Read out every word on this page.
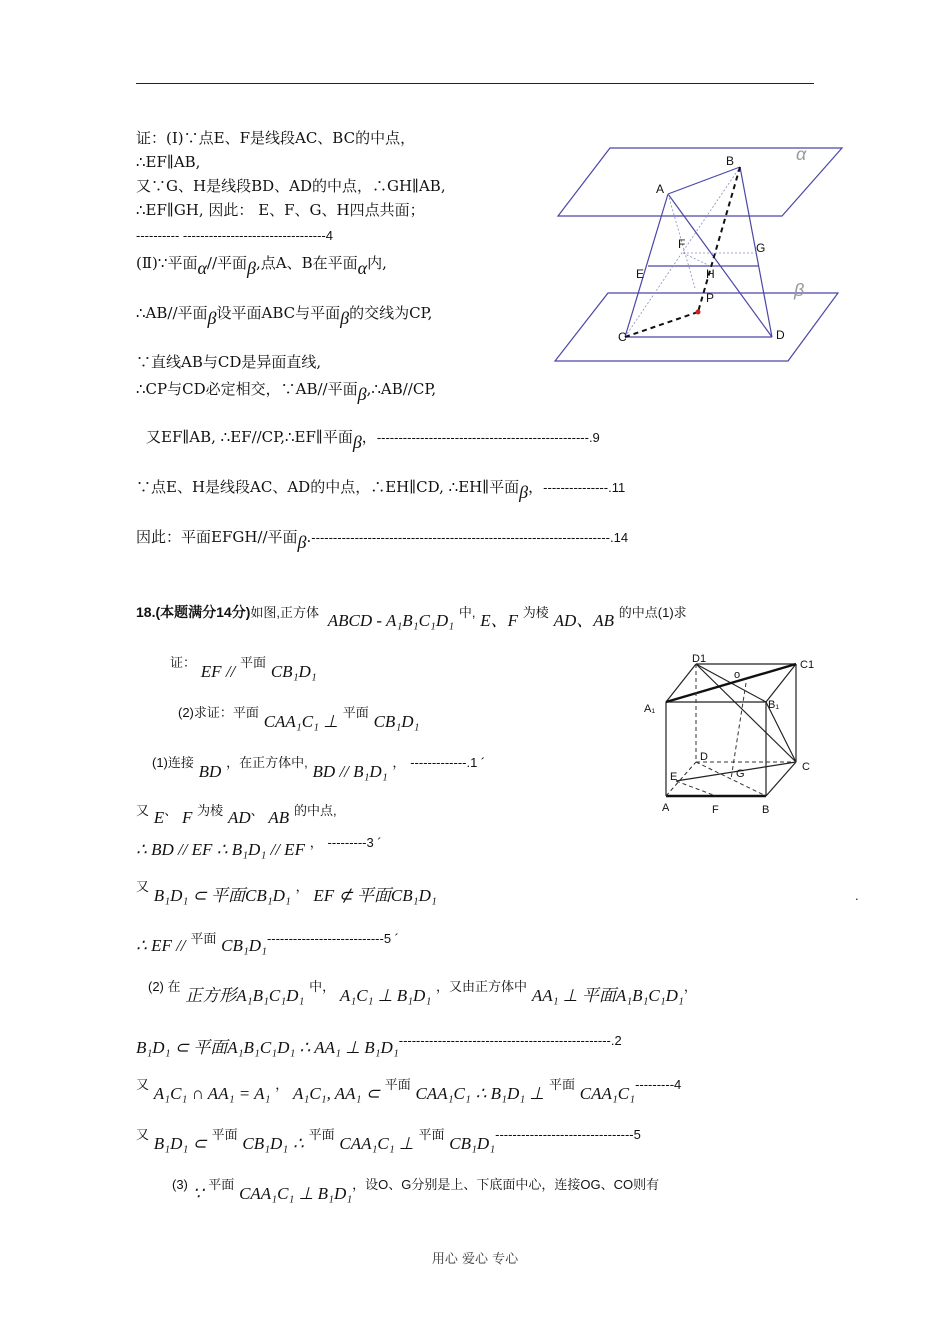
证：(Ⅰ)∵点E、F是线段AC、BC的中点，
∴EF∥AB,
又∵G、H是线段BD、AD的中点，∴GH∥AB,
∴EF∥GH, 因此： E、F、G、H四点共面；
---------- ---------------------------------4
(Ⅱ)∵平面α//平面β,点A、B在平面α内,
∴AB//平面β设平面ABC与平面β的交线为CP,
∵直线AB与CD是异面直线,
∴CP与CD必定相交，∵AB//平面β,∴AB//CP,
又EF∥AB, ∴EF//CP,∴EF∥平面β，-------------------------------------------------.9
∵点E、H是线段AC、AD的中点，∴EH∥CD, ∴EH∥平面β，---------------.11
因此：平面EFGH//平面β.---------------------------------------------------------------------.14
A
B
F	G
E	H
P
C	D
α
β
18.(本题满分14分)如图,正方体 ABCD - A₁B₁C₁D₁ 中, E、F 为棱 AD、AB 的中点(1)求
证： EF // 平面 CB₁D₁
(2)求证：平面 CAA₁C₁ ⊥ 平面 CB₁D₁
D1
o
C1
A₁	B₁
D
G
C
E
A	F	B
(1)连接 BD ，在正方体中, BD // B₁D₁ ， -------------.1 ´
又 E、 F 为棱 AD、 AB 的中点,
∴ BD // EF ∴ B₁D₁ // EF ， ---------3 ´
又 B₁D₁ ⊂ 平面CB₁D₁ ， EF ⊄ 平面CB₁D₁	.
∴ EF // 平面 CB₁D₁---------------------------5 ´
(2) 在 正方形A₁B₁C₁D₁ 中， A₁C₁ ⊥ B₁D₁ ，又由正方体中 AA₁ ⊥ 平面A₁B₁C₁D₁，
B₁D₁ ⊂ 平面A₁B₁C₁D₁ ∴ AA₁ ⊥ B₁D₁-------------------------------------------------.2
又 A₁C₁ ∩ AA₁ = A₁ ， A₁C₁, AA₁ ⊂ 平面 CAA₁C₁ ∴ B₁D₁ ⊥ 平面 CAA₁C₁---------4
又 B₁D₁ ⊂ 平面 CB₁D₁ ∴ 平面 CAA₁C₁ ⊥ 平面 CB₁D₁--------------------------------5
(3) ∵ 平面 CAA₁C₁ ⊥ B₁D₁，设O、G分别是上、下底面中心，连接OG、CO则有
用心 爱心 专心
